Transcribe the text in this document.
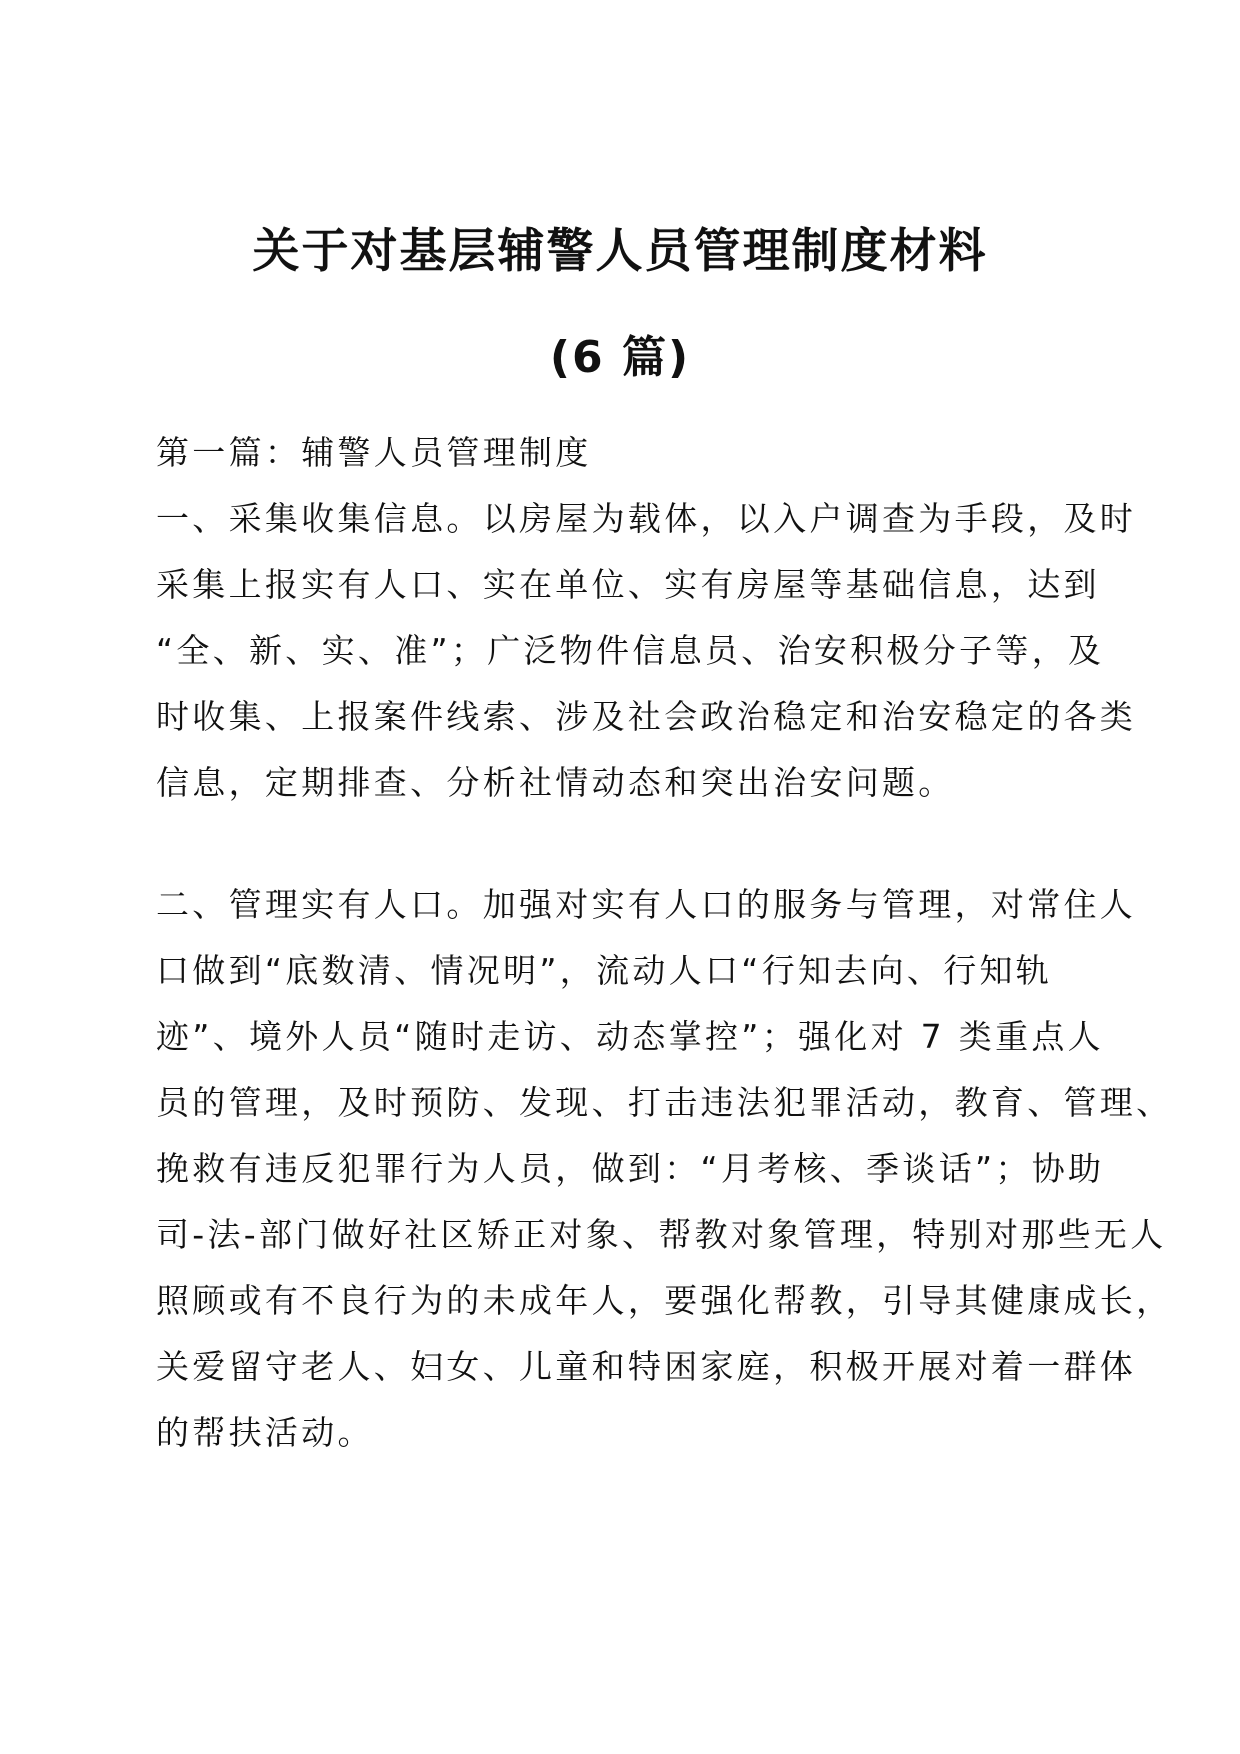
关于对基层辅警人员管理制度材料
(6 篇)
第一篇：辅警人员管理制度
一、采集收集信息。以房屋为载体，以入户调查为手段，及时
采集上报实有人口、实在单位、实有房屋等基础信息，达到
“全、新、实、准”；广泛物件信息员、治安积极分子等，及
时收集、上报案件线索、涉及社会政治稳定和治安稳定的各类
信息，定期排查、分析社情动态和突出治安问题。
二、管理实有人口。加强对实有人口的服务与管理，对常住人
口做到“底数清、情况明”，流动人口“行知去向、行知轨
迹”、境外人员“随时走访、动态掌控”；强化对 7 类重点人
员的管理，及时预防、发现、打击违法犯罪活动，教育、管理、
挽救有违反犯罪行为人员，做到：“月考核、季谈话”；协助
司-法-部门做好社区矫正对象、帮教对象管理，特别对那些无人
照顾或有不良行为的未成年人，要强化帮教，引导其健康成长，
关爱留守老人、妇女、儿童和特困家庭，积极开展对着一群体
的帮扶活动。
